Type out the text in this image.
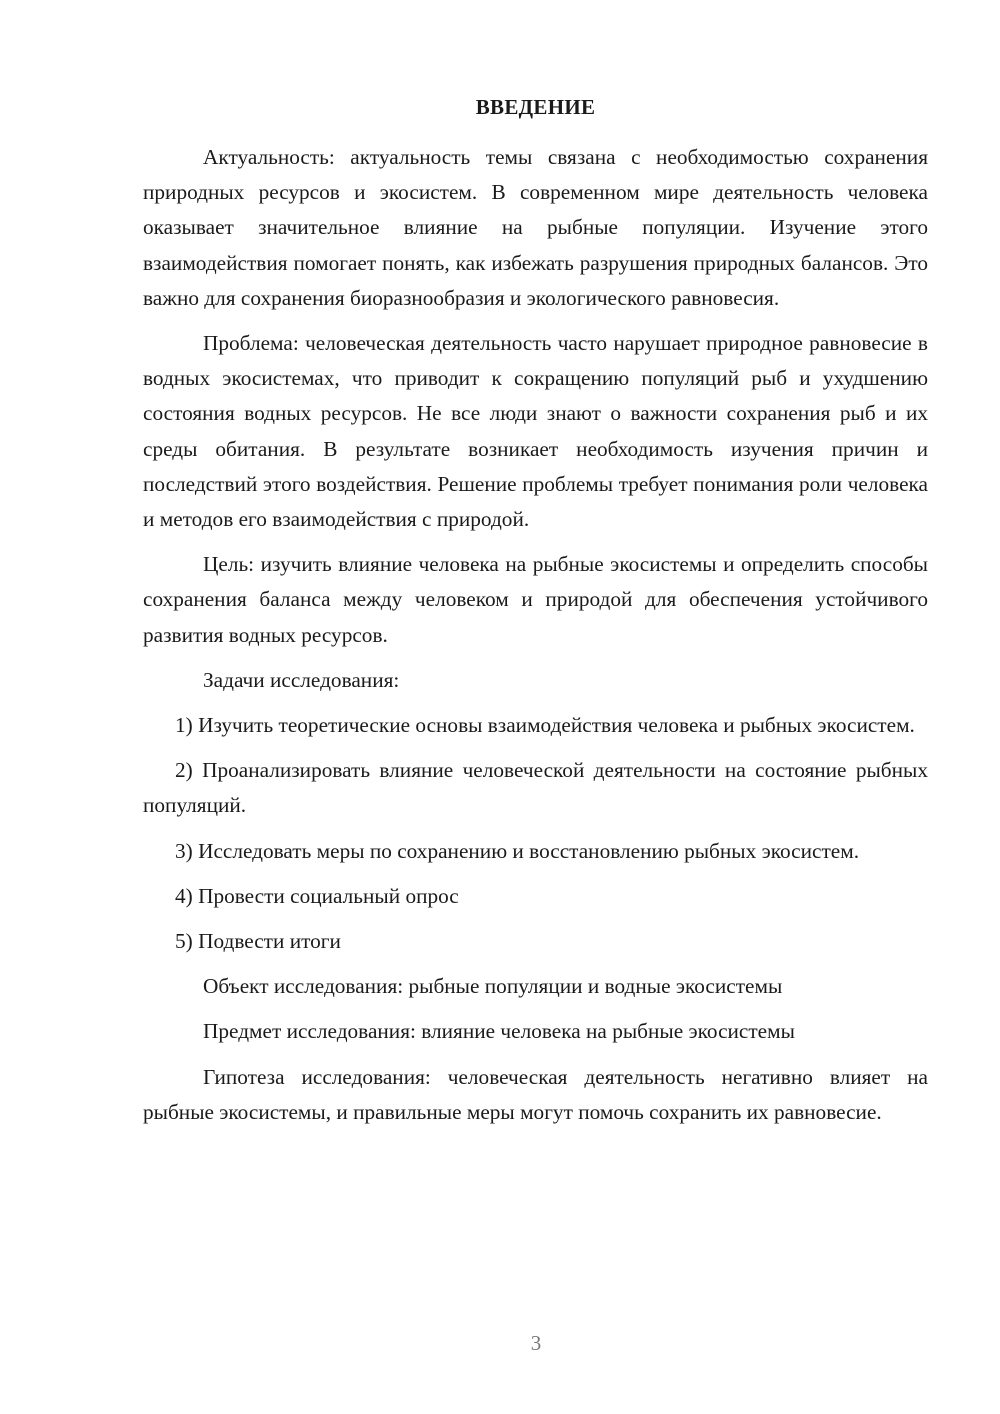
ВВЕДЕНИЕ

Актуальность: актуальность темы связана с необходимостью сохранения природных ресурсов и экосистем. В современном мире деятельность человека оказывает значительное влияние на рыбные популяции. Изучение этого взаимодействия помогает понять, как избежать разрушения природных балансов. Это важно для сохранения биоразнообразия и экологического равновесия.

Проблема: человеческая деятельность часто нарушает природное равновесие в водных экосистемах, что приводит к сокращению популяций рыб и ухудшению состояния водных ресурсов. Не все люди знают о важности сохранения рыб и их среды обитания. В результате возникает необходимость изучения причин и последствий этого воздействия. Решение проблемы требует понимания роли человека и методов его взаимодействия с природой.

Цель: изучить влияние человека на рыбные экосистемы и определить способы сохранения баланса между человеком и природой для обеспечения устойчивого развития водных ресурсов.

Задачи исследования:

1) Изучить теоретические основы взаимодействия человека и рыбных экосистем.

2) Проанализировать влияние человеческой деятельности на состояние рыбных популяций.

3) Исследовать меры по сохранению и восстановлению рыбных экосистем.

4) Провести социальный опрос

5) Подвести итоги

Объект исследования: рыбные популяции и водные экосистемы

Предмет исследования: влияние человека на рыбные экосистемы

Гипотеза исследования: человеческая деятельность негативно влияет на рыбные экосистемы, и правильные меры могут помочь сохранить их равновесие.

3
